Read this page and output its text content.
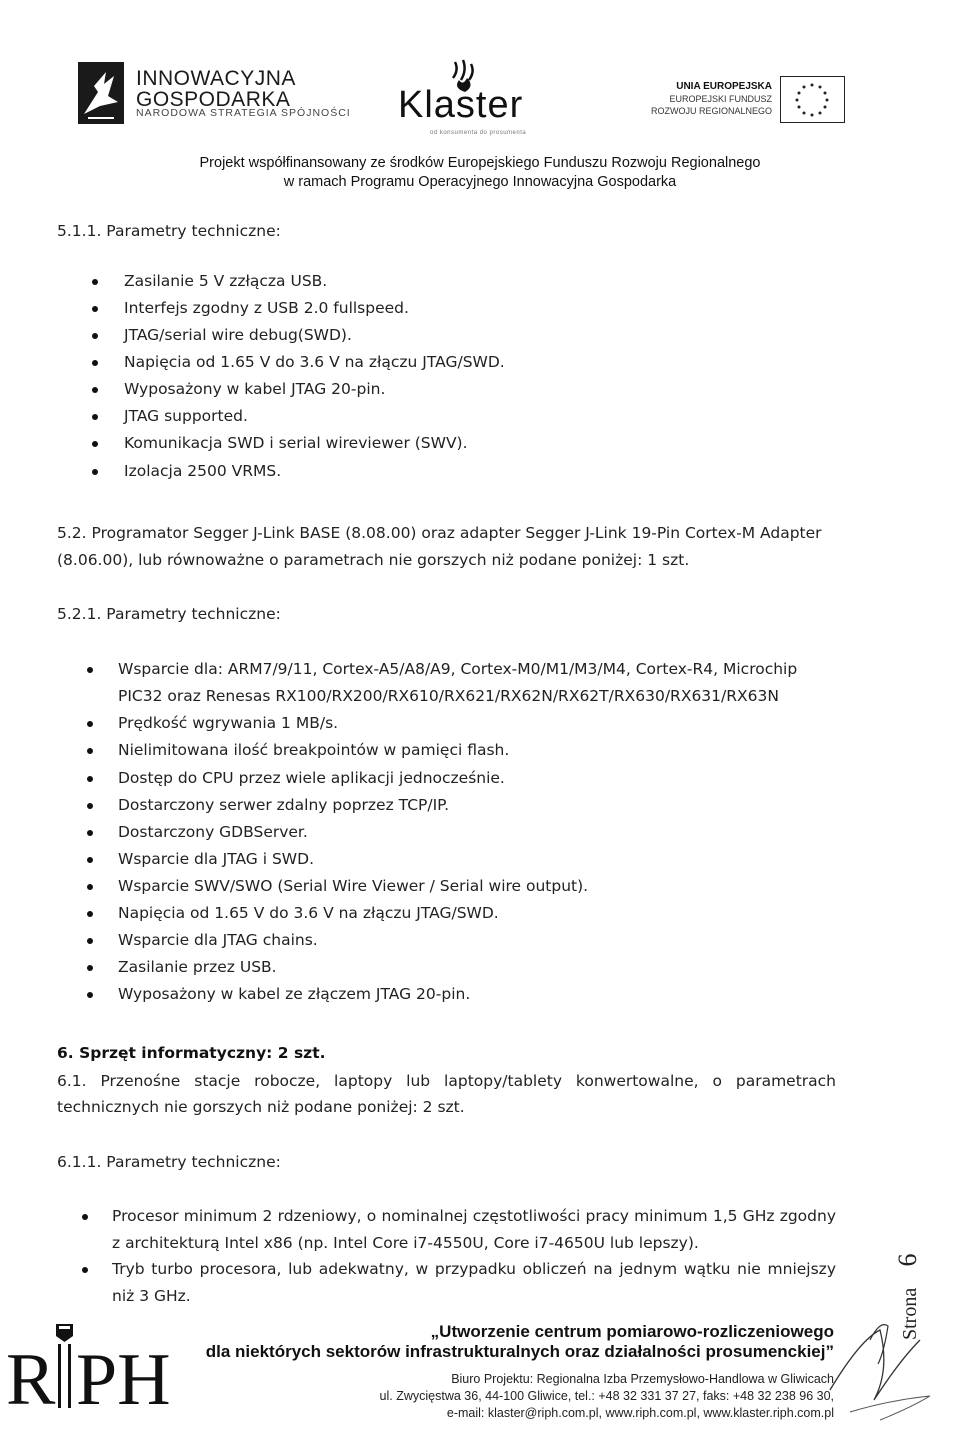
INNOWACYJNA
GOSPODARKA
NARODOWA STRATEGIA SPÓJNOŚCI Klaster
od konsumenta do prosumenta
UNIA EUROPEJSKA
EUROPEJSKI FUNDUSZ
ROZWOJU REGIONALNEGO
Projekt współfinansowany ze środków Europejskiego Funduszu Rozwoju Regionalnego
w ramach Programu Operacyjnego Innowacyjna Gospodarka
5.1.1. Parametry techniczne:
Zasilanie 5 V zzłącza USB.
Interfejs zgodny z USB 2.0 fullspeed.
JTAG/serial wire debug(SWD).
Napięcia od 1.65 V do 3.6 V na złączu JTAG/SWD.
Wyposażony w kabel JTAG 20-pin.
JTAG supported.
Komunikacja SWD i serial wireviewer (SWV).
Izolacja 2500 VRMS.
5.2. Programator Segger J-Link BASE (8.08.00) oraz adapter Segger J-Link 19-Pin Cortex-M Adapter
(8.06.00), lub równoważne o parametrach nie gorszych niż podane poniżej: 1 szt.
5.2.1. Parametry techniczne:
Wsparcie dla: ARM7/9/11, Cortex-A5/A8/A9, Cortex-M0/M1/M3/M4, Cortex-R4, Microchip
PIC32 oraz Renesas RX100/RX200/RX610/RX621/RX62N/RX62T/RX630/RX631/RX63N
Prędkość wgrywania 1 MB/s.
Nielimitowana ilość breakpointów w pamięci flash.
Dostęp do CPU przez wiele aplikacji jednocześnie.
Dostarczony serwer zdalny poprzez TCP/IP.
Dostarczony GDBServer.
Wsparcie dla JTAG i SWD.
Wsparcie SWV/SWO (Serial Wire Viewer / Serial wire output).
Napięcia od 1.65 V do 3.6 V na złączu JTAG/SWD.
Wsparcie dla JTAG chains.
Zasilanie przez USB.
Wyposażony w kabel ze złączem JTAG 20-pin.
6. Sprzęt informatyczny: 2 szt.
6.1. Przenośne stacje robocze, laptopy lub laptopy/tablety konwertowalne, o parametrach
technicznych nie gorszych niż podane poniżej: 2 szt.
6.1.1. Parametry techniczne:
Procesor minimum 2 rdzeniowy, o nominalnej częstotliwości pracy minimum 1,5 GHz zgodny
z architekturą Intel x86 (np. Intel Core i7-4550U, Core i7-4650U lub lepszy).
Tryb turbo procesora, lub adekwatny, w przypadku obliczeń na jednym wątku nie mniejszy
niż 3 GHz.	Strona
6
R PH
„Utworzenie centrum pomiarowo-rozliczeniowego
dla niektórych sektorów infrastrukturalnych oraz działalności prosumenckiej”
Biuro Projektu: Regionalna Izba Przemysłowo-Handlowa w Gliwicach
ul. Zwycięstwa 36, 44-100 Gliwice, tel.: +48 32 331 37 27, faks: +48 32 238 96 30,
e-mail: klaster@riph.com.pl, www.riph.com.pl, www.klaster.riph.com.pl
